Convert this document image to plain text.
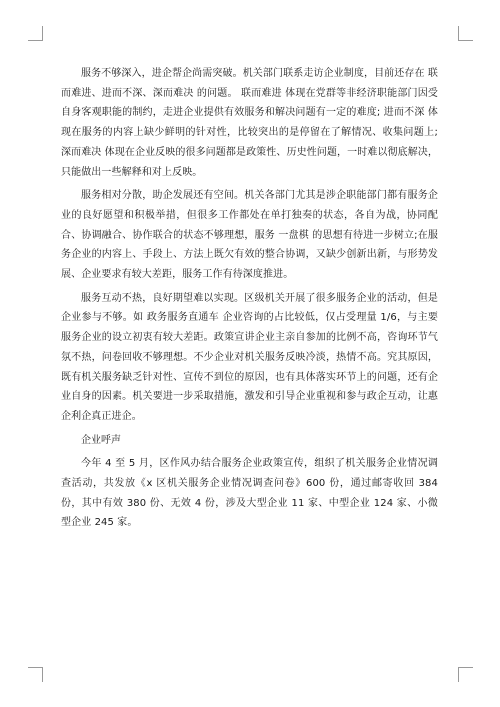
服务不够深入，进企帮企尚需突破。机关部门联系走访企业制度，目前还存在 联而难进、进而不深、深而难决 的问题。 联而难进 体现在党群等非经济职能部门因受自身客观职能的制约，走进企业提供有效服务和解决问题有一定的难度; 进而不深 体现在服务的内容上缺少鲜明的针对性，比较突出的是停留在了解情况、收集问题上; 深而难决 体现在企业反映的很多问题都是政策性、历史性问题，一时难以彻底解决，只能做出一些解释和对上反映。

服务相对分散，助企发展还有空间。机关各部门尤其是涉企职能部门都有服务企业的良好愿望和积极举措，但很多工作都处在单打独奏的状态，各自为战，协同配合、协调融合、协作联合的状态不够理想，服务 一盘棋 的思想有待进一步树立;在服务企业的内容上、手段上、方法上既欠有效的整合协调，又缺少创新出新，与形势发展、企业要求有较大差距，服务工作有待深度推进。

服务互动不热，良好期望难以实现。区级机关开展了很多服务企业的活动，但是企业参与不够。如 政务服务直通车 企业咨询的占比较低，仅占受理量 1/6，与主要服务企业的设立初衷有较大差距。政策宣讲企业主亲自参加的比例不高，咨询环节气氛不热，问卷回收不够理想。不少企业对机关服务反映冷淡，热情不高。究其原因，既有机关服务缺乏针对性、宣传不到位的原因，也有具体落实环节上的问题，还有企业自身的因素。机关要进一步采取措施，激发和引导企业重视和参与政企互动，让惠企利企真正进企。

企业呼声

今年 4 至 5 月，区作风办结合服务企业政策宣传，组织了机关服务企业情况调查活动，共发放《x 区机关服务企业情况调查问卷》600 份，通过邮寄收回 384 份，其中有效 380 份、无效 4 份，涉及大型企业 11 家、中型企业 124 家、小微型企业 245 家。
